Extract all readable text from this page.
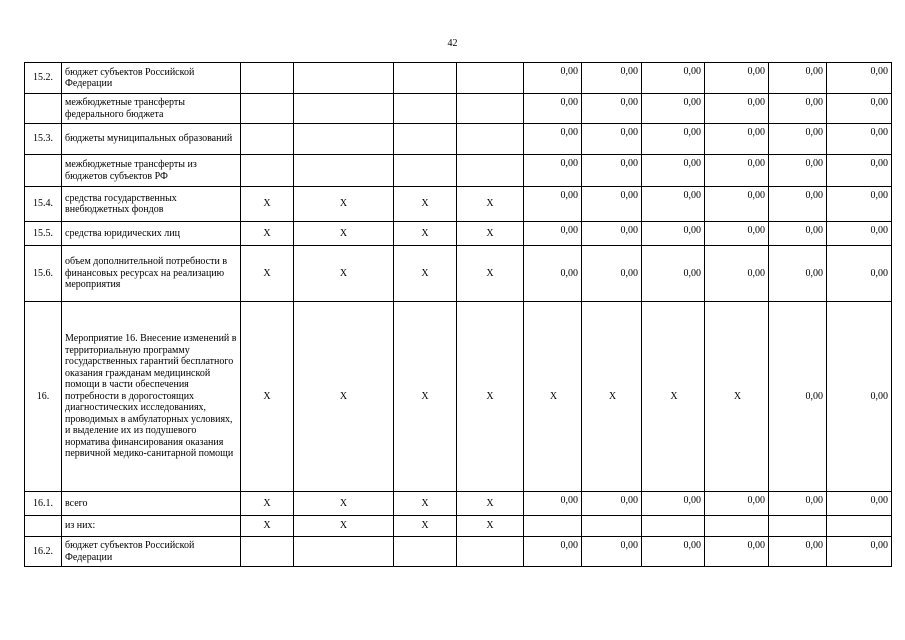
42
15.2.	бюджет субъектов Российской Федерации					0,00	0,00	0,00	0,00	0,00	0,00
	межбюджетные трансферты федерального бюджета					0,00	0,00	0,00	0,00	0,00	0,00
15.3.	бюджеты муниципальных образований					0,00	0,00	0,00	0,00	0,00	0,00
	межбюджетные трансферты из бюджетов субъектов РФ					0,00	0,00	0,00	0,00	0,00	0,00
15.4.	средства государственных внебюджетных фондов	Х	Х	Х	Х	0,00	0,00	0,00	0,00	0,00	0,00
15.5.	средства юридических лиц	Х	Х	Х	Х	0,00	0,00	0,00	0,00	0,00	0,00
15.6.	объем дополнительной потребности в финансовых ресурсах на реализацию мероприятия	Х	Х	Х	Х	0,00	0,00	0,00	0,00	0,00	0,00
16.	Мероприятие 16. Внесение изменений в территориальную программу государственных гарантий бесплатного оказания гражданам медицинской помощи в части обеспечения потребности в дорогостоящих диагностических исследованиях, проводимых в амбулаторных условиях, и выделение их из подушевого норматива финансирования оказания первичной медико-санитарной помощи	Х	Х	Х	Х	Х	Х	Х	Х	0,00	0,00
16.1.	всего	Х	Х	Х	Х	0,00	0,00	0,00	0,00	0,00	0,00
	из них:	Х	Х	Х	Х						
16.2.	бюджет субъектов Российской Федерации					0,00	0,00	0,00	0,00	0,00	0,00
